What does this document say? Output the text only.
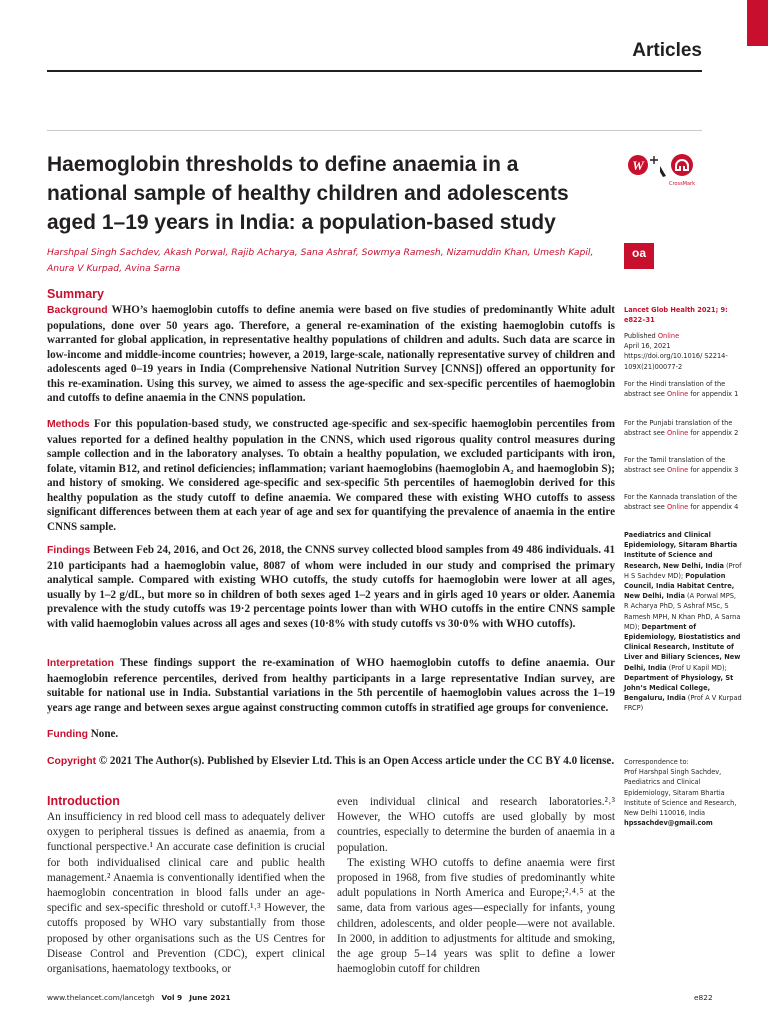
Articles
Haemoglobin thresholds to define anaemia in a national sample of healthy children and adolescents aged 1–19 years in India: a population-based study
W
CrossMark
oa

Harshpal Singh Sachdev, Akash Porwal, Rajib Acharya, Sana Ashraf, Sowmya Ramesh, Nizamuddin Khan, Umesh Kapil, Anura V Kurpad, Avina Sarna

Summary

Background WHO’s haemoglobin cutoffs to define anemia were based on five studies of predominantly White adult populations, done over 50 years ago. Therefore, a general re-examination of the existing haemoglobin cutoffs is warranted for global application, in representative healthy populations of children and adults. Such data are scarce in low-income and middle-income countries; however, a 2019, large-scale, nationally representative survey of children and adolescents aged 0–19 years in India (Comprehensive National Nutrition Survey [CNNS]) offered an opportunity for this re-examination. Using this survey, we aimed to assess the age-specific and sex-specific percentiles of haemoglobin and cutoffs to define anaemia in the CNNS population.

Methods For this population-based study, we constructed age-specific and sex-specific haemoglobin percentiles from values reported for a defined healthy population in the CNNS, which used rigorous quality control measures during sample collection and in the laboratory analyses. To obtain a healthy population, we excluded participants with iron, folate, vitamin B12, and retinol deficiencies; inflammation; variant haemoglobins (haemoglobin A₂ and haemoglobin S); and history of smoking. We considered age-specific and sex-specific 5th percentiles of haemoglobin derived for this healthy population as the study cutoff to define anaemia. We compared these with existing WHO cutoffs to assess significant differences between them at each year of age and sex for quantifying the prevalence of anaemia in the entire CNNS sample.

Findings Between Feb 24, 2016, and Oct 26, 2018, the CNNS survey collected blood samples from 49 486 individuals. 41 210 participants had a haemoglobin value, 8087 of whom were included in our study and comprised the primary analytical sample. Compared with existing WHO cutoffs, the study cutoffs for haemoglobin were lower at all ages, usually by 1–2 g/dL, but more so in children of both sexes aged 1–2 years and in girls aged 10 years or older. Aanemia prevalence with the study cutoffs was 19·2 percentage points lower than with WHO cutoffs in the entire CNNS sample with valid haemoglobin values across all ages and sexes (10·8% with study cutoffs vs 30·0% with WHO cutoffs).

Interpretation These findings support the re-examination of WHO haemoglobin cutoffs to define anaemia. Our haemoglobin reference percentiles, derived from healthy participants in a large representative Indian survey, are suitable for national use in India. Substantial variations in the 5th percentile of haemoglobin values across the 1–19 years age range and between sexes argue against constructing common cutoffs in stratified age groups for convenience.

Funding None.

Copyright © 2021 The Author(s). Published by Elsevier Ltd. This is an Open Access article under the CC BY 4.0 license.

Introduction
An insufficiency in red blood cell mass to adequately deliver oxygen to peripheral tissues is defined as anaemia, from a functional perspective.¹ An accurate case definition is crucial for both individualised clinical care and public health management.² Anaemia is conventionally identified when the haemoglobin concentration in blood falls under an age-specific and sex-specific threshold or cutoff.¹˒³ However, the cutoffs proposed by WHO vary substantially from those proposed by other organisations such as the US Centres for Disease Control and Prevention (CDC), expert clinical organisations, haematology textbooks, or
even individual clinical and research laboratories.²˒³ However, the WHO cutoffs are used globally by most countries, especially to determine the burden of anaemia in a population.
The existing WHO cutoffs to define anaemia were first proposed in 1968, from five studies of predominantly white adult populations in North America and Europe;²˒⁴˒⁵ at the same, data from various ages—especially for infants, young children, adolescents, and older people—were not available. In 2000, in addition to adjustments for altitude and smoking, the age group 5–14 years was split to define a lower haemoglobin cutoff for children
Lancet Glob Health 2021; 9: e822–31
Published Online
April 16, 2021
https://doi.org/10.1016/ S2214-109X(21)00077-2
For the Hindi translation of the abstract see Online for appendix 1
For the Punjabi translation of the abstract see Online for appendix 2
For the Tamil translation of the abstract see Online for appendix 3
For the Kannada translation of the abstract see Online for appendix 4
Paediatrics and Clinical Epidemiology, Sitaram Bhartia Institute of Science and Research, New Delhi, India (Prof H S Sachdev MD); Population Council, India Habitat Centre, New Delhi, India (A Porwal MPS, R Acharya PhD, S Ashraf MSc, S Ramesh MPH, N Khan PhD, A Sarna MD); Department of Epidemiology, Biostatistics and Clinical Research, Institute of Liver and Biliary Sciences, New Delhi, India (Prof U Kapil MD); Department of Physiology, St John’s Medical College, Bengaluru, India (Prof A V Kurpad FRCP)
Correspondence to:
Prof Harshpal Singh Sachdev, Paediatrics and Clinical Epidemiology, Sitaram Bhartia Institute of Science and Research, New Delhi 110016, India
hpssachdev@gmail.com
www.thelancet.com/lancetgh Vol 9 June 2021	e822
